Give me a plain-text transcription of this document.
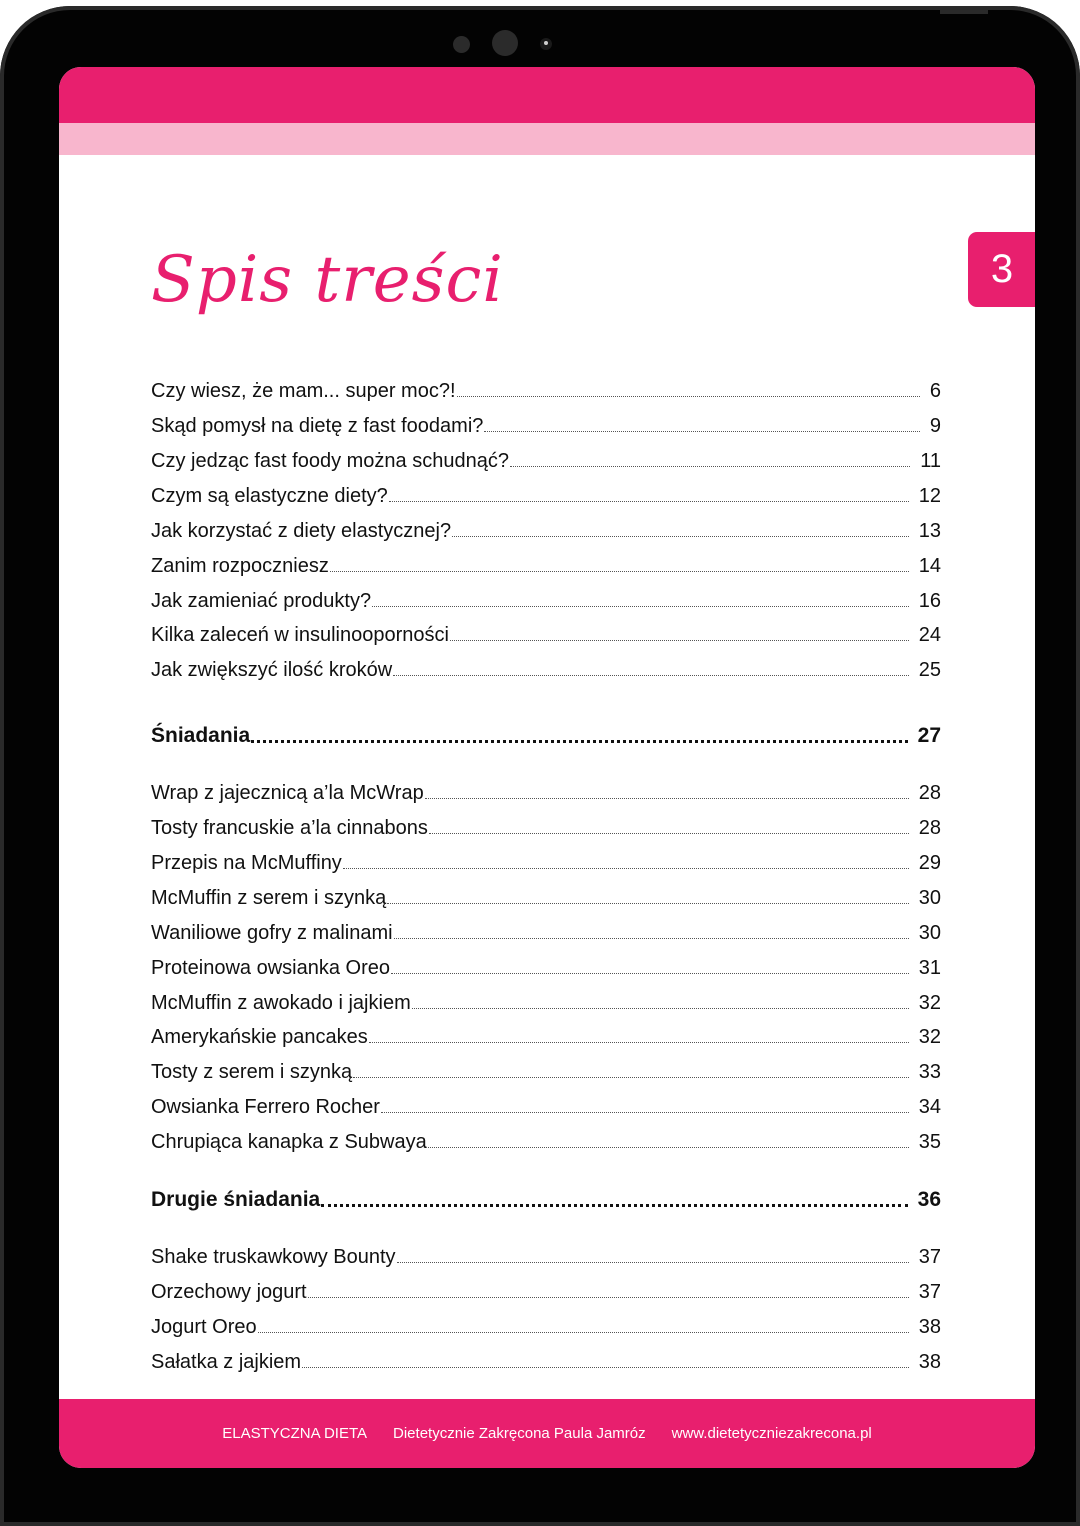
3
Spis treści
Czy wiesz, że mam... super moc?!	6
Skąd pomysł na dietę z fast foodami?	9
Czy jedząc fast foody można schudnąć?	11
Czym są elastyczne diety?	12
Jak korzystać z diety elastycznej?	13
Zanim rozpoczniesz	14
Jak zamieniać produkty?	16
Kilka zaleceń w insulinooporności	24
Jak zwiększyć ilość kroków	25
Śniadania	27
Wrap z jajecznicą a’la McWrap	28
Tosty francuskie a’la cinnabons	28
Przepis na McMuffiny	29
McMuffin z serem i szynką	30
Waniliowe gofry z malinami	30
Proteinowa owsianka Oreo	31
McMuffin z awokado i jajkiem	32
Amerykańskie pancakes	32
Tosty z serem i szynką	33
Owsianka Ferrero Rocher	34
Chrupiąca kanapka z Subwaya	35
Drugie śniadania	36
Shake truskawkowy Bounty	37
Orzechowy jogurt	37
Jogurt Oreo	38
Sałatka z jajkiem	38
ELASTYCZNA DIETA Dietetycznie Zakręcona Paula Jamróz www.dietetyczniezakrecona.pl
